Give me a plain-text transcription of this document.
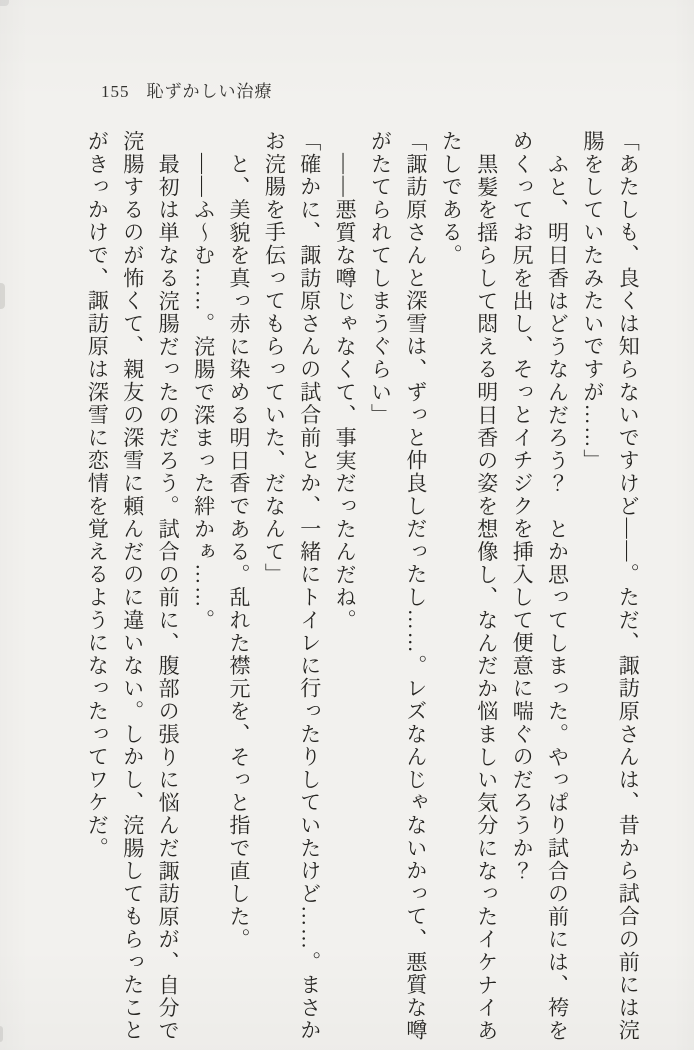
155 恥ずかしい治療
「あたしも、良くは知らないですけど――。ただ、諏訪原さんは、昔から試合の前には浣
腸をしていたみたいですが……」
ふと、明日香はどうなんだろう？　とか思ってしまった。やっぱり試合の前には、袴を
めくってお尻を出し、そっとイチジクを挿入して便意に喘ぐのだろうか？
黒髪を揺らして悶える明日香の姿を想像し、なんだか悩ましい気分になったイケナイあ
たしである。
「諏訪原さんと深雪は、ずっと仲良しだったし……。レズなんじゃないかって、悪質な噂
がたてられてしまうぐらい」
――悪質な噂じゃなくて、事実だったんだね。
「確かに、諏訪原さんの試合前とか、一緒にトイレに行ったりしていたけど……。まさか
お浣腸を手伝ってもらっていた、だなんて」
と、美貌を真っ赤に染める明日香である。乱れた襟元を、そっと指で直した。
――ふ～む……。浣腸で深まった絆かぁ……。
最初は単なる浣腸だったのだろう。試合の前に、腹部の張りに悩んだ諏訪原が、自分で
浣腸するのが怖くて、親友の深雪に頼んだのに違いない。しかし、浣腸してもらったこと
がきっかけで、諏訪原は深雪に恋情を覚えるようになったってワケだ。
